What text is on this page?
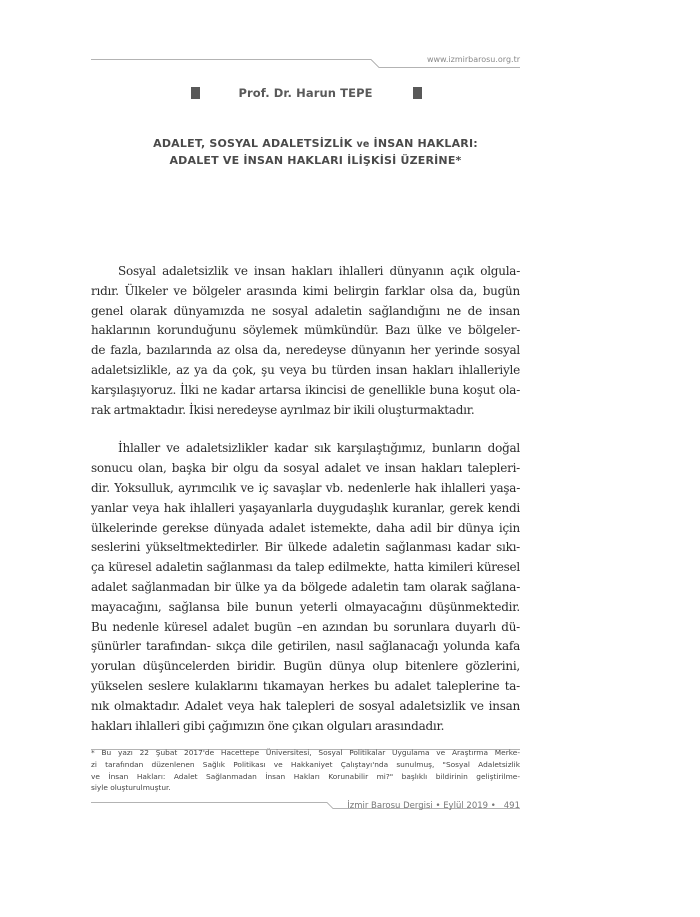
www.izmirbarosu.org.tr
Prof. Dr. Harun TEPE
ADALET, SOSYAL ADALETSİZLİK ve İNSAN HAKLARI:
ADALET VE İNSAN HAKLARI İLİŞKİSİ ÜZERİNE*

Sosyal adaletsizlik ve insan hakları ihlalleri dünyanın açık olgula-
rıdır. Ülkeler ve bölgeler arasında kimi belirgin farklar olsa da, bugün
genel olarak dünyamızda ne sosyal adaletin sağlandığını ne de insan
haklarının korunduğunu söylemek mümkündür. Bazı ülke ve bölgeler-
de fazla, bazılarında az olsa da, neredeyse dünyanın her yerinde sosyal
adaletsizlikle, az ya da çok, şu veya bu türden insan hakları ihlalleriyle
karşılaşıyoruz. İlki ne kadar artarsa ikincisi de genellikle buna koşut ola-
rak artmaktadır. İkisi neredeyse ayrılmaz bir ikili oluşturmaktadır.

İhlaller ve adaletsizlikler kadar sık karşılaştığımız, bunların doğal
sonucu olan, başka bir olgu da sosyal adalet ve insan hakları talepleri-
dir. Yoksulluk, ayrımcılık ve iç savaşlar vb. nedenlerle hak ihlalleri yaşa-
yanlar veya hak ihlalleri yaşayanlarla duygudaşlık kuranlar, gerek kendi
ülkelerinde gerekse dünyada adalet istemekte, daha adil bir dünya için
seslerini yükseltmektedirler. Bir ülkede adaletin sağlanması kadar sıkı-
ça küresel adaletin sağlanması da talep edilmekte, hatta kimileri küresel
adalet sağlanmadan bir ülke ya da bölgede adaletin tam olarak sağlana-
mayacağını, sağlansa bile bunun yeterli olmayacağını düşünmektedir.
Bu nedenle küresel adalet bugün –en azından bu sorunlara duyarlı dü-
şünürler tarafından- sıkça dile getirilen, nasıl sağlanacağı yolunda kafa
yorulan düşüncelerden biridir. Bugün dünya olup bitenlere gözlerini,
yükselen seslere kulaklarını tıkamayan herkes bu adalet taleplerine ta-
nık olmaktadır. Adalet veya hak talepleri de sosyal adaletsizlik ve insan
hakları ihlalleri gibi çağımızın öne çıkan olguları arasındadır.

* Bu yazı 22 Şubat 2017'de Hacettepe Üniversitesi, Sosyal Politikalar Uygulama ve Araştırma Merke-
zi tarafından düzenlenen Sağlık Politikası ve Hakkaniyet Çalıştayı'nda sunulmuş, "Sosyal Adaletsizlik
ve İnsan Hakları: Adalet Sağlanmadan İnsan Hakları Korunabilir mi?" başlıklı bildirinin geliştirilme-
siyle oluşturulmuştur.
İzmir Barosu Dergisi • Eylül 2019 • 491
